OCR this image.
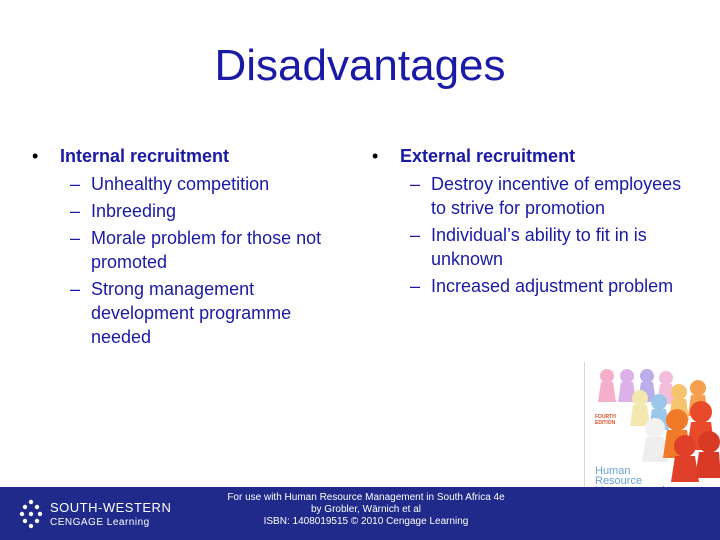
Disadvantages
• Internal recruitment
– Unhealthy competition
– Inbreeding
– Morale problem for those not promoted
– Strong management development programme needed
• External recruitment
– Destroy incentive of employees to strive for promotion
– Individual’s ability to fit in is unknown
– Increased adjustment problem
FOURTH EDITION
Human Resource
SOUTH-WESTERN
CENGAGE Learning
For use with Human Resource Management in South Africa 4e
by Grobler, Wärnich et al
ISBN: 1408019515 © 2010 Cengage Learning
